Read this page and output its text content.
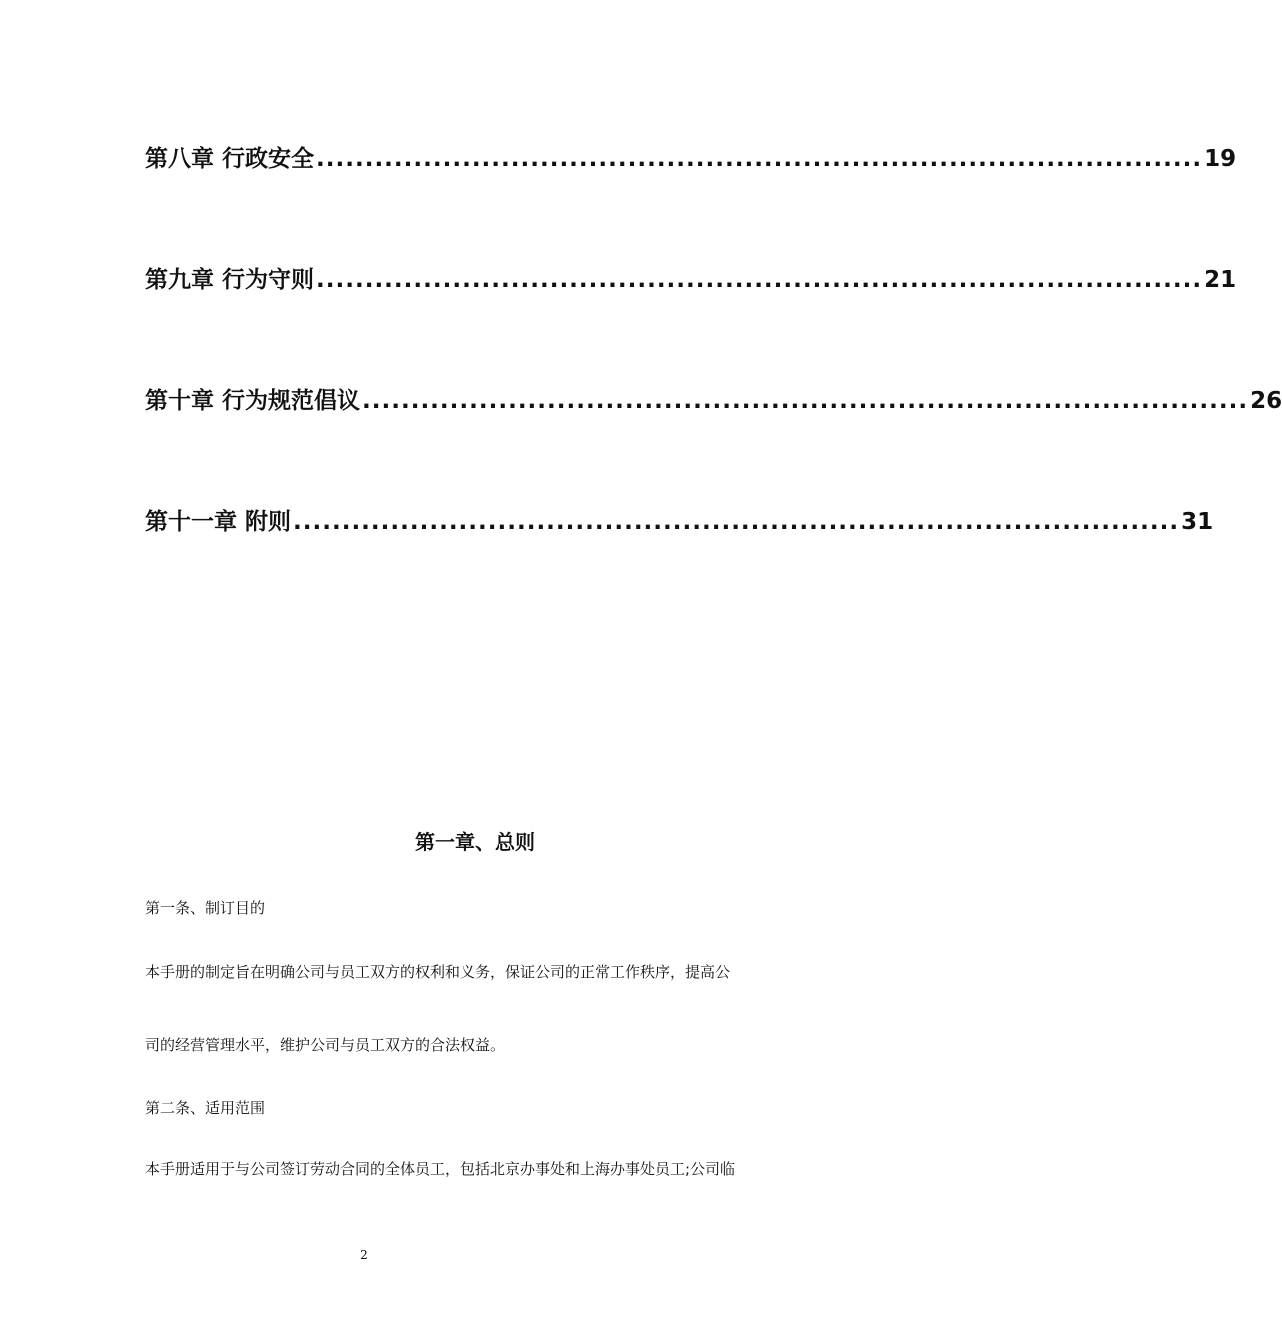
第八章 行政安全 ........................................................................................... 19
第九章 行为守则 ........................................................................................... 21
第十章 行为规范倡议 ........................................................................................... 26
第十一章 附则 ........................................................................................... 31
第一章、总则
第一条、制订目的
本手册的制定旨在明确公司与员工双方的权利和义务，保证公司的正常工作秩序，提高公
司的经营管理水平，维护公司与员工双方的合法权益。
第二条、适用范围
本手册适用于与公司签订劳动合同的全体员工，包括北京办事处和上海办事处员工;公司临
2
